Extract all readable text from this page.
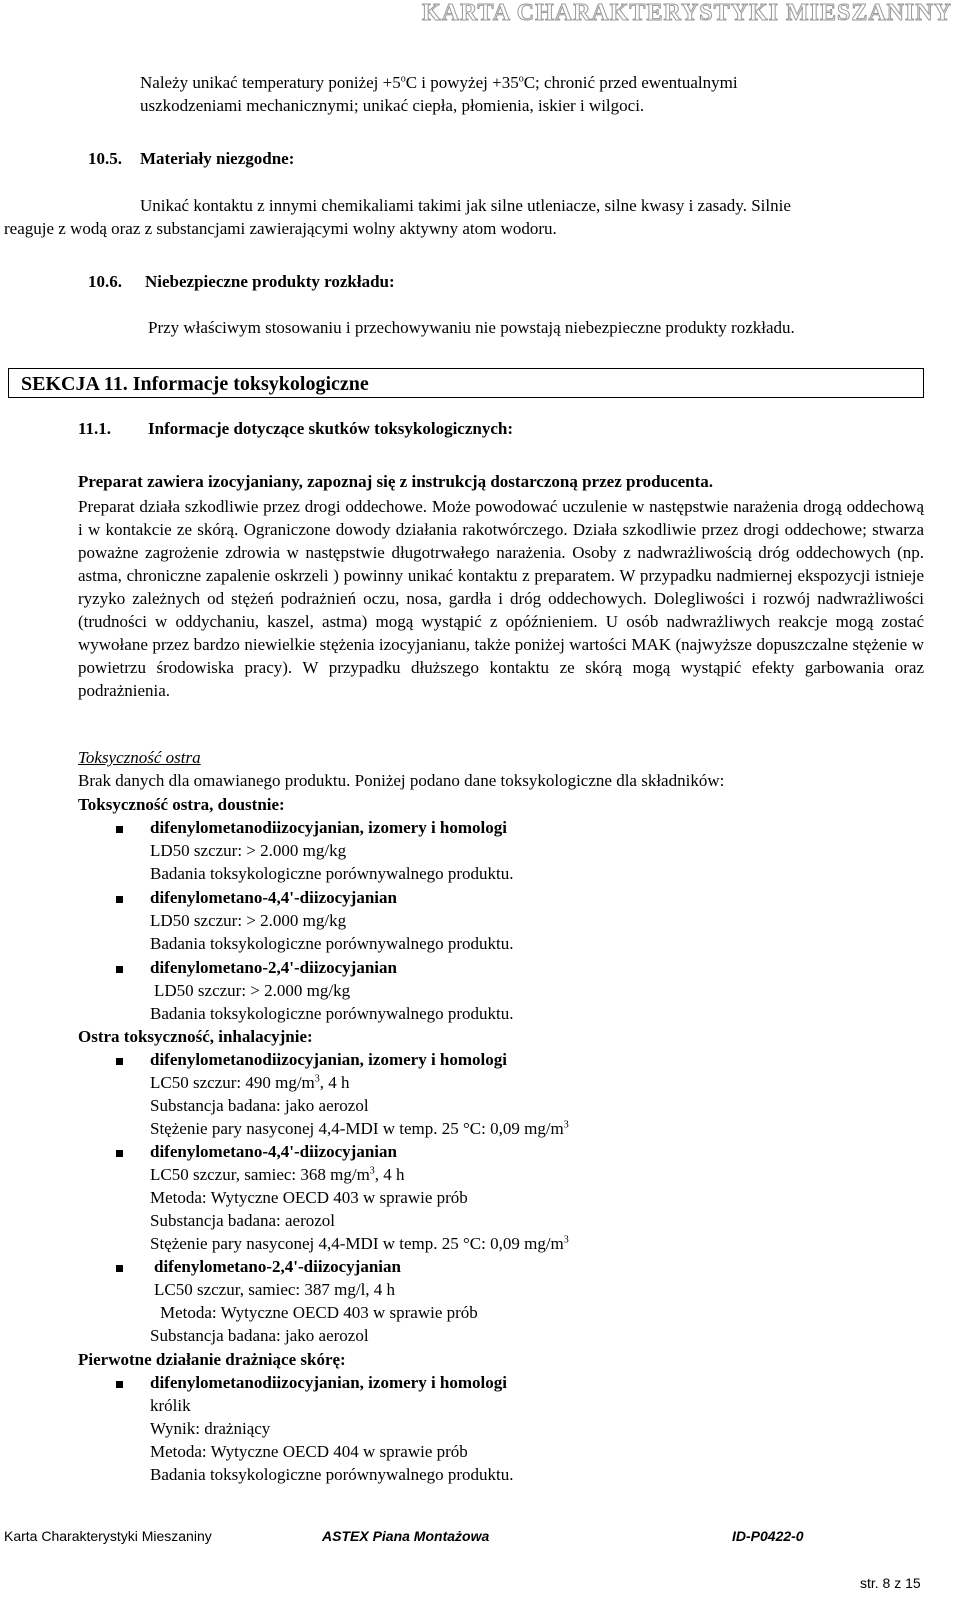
KARTA CHARAKTERYSTYKI MIESZANINY
Należy unikać temperatury poniżej $+5^oC$ i powyżej $+35^oC$; chronić przed ewentualnymi
uszkodzeniami mechanicznymi; unikać ciepła, płomienia, iskier i wilgoci.
10.5. Materiały niezgodne:
Unikać kontaktu z innymi chemikaliami takimi jak silne utleniacze, silne kwasy i zasady. Silnie
reaguje z wodą oraz z substancjami zawierającymi wolny aktywny atom wodoru.
10.6. Niebezpieczne produkty rozkładu:
Przy właściwym stosowaniu i przechowywaniu nie powstają niebezpieczne produkty rozkładu.
SEKCJA 11. Informacje toksykologiczne
11.1. Informacje dotyczące skutków toksykologicznych:
Preparat zawiera izocyjaniany, zapoznaj się z instrukcją dostarczoną przez producenta.

Preparat działa szkodliwie przez drogi oddechowe. Może powodować uczulenie w następstwie narażenia drogą oddechową i w kontakcie ze skórą. Ograniczone dowody działania rakotwórczego. Działa szkodliwie przez drogi oddechowe; stwarza poważne zagrożenie zdrowia w następstwie długotrwałego narażenia. Osoby z nadwrażliwością dróg oddechowych (np. astma, chroniczne zapalenie oskrzeli ) powinny unikać kontaktu z preparatem. W przypadku nadmiernej ekspozycji istnieje ryzyko zależnych od stężeń podrażnień oczu, nosa, gardła i dróg oddechowych. Dolegliwości i rozwój nadwrażliwości (trudności w oddychaniu, kaszel, astma) mogą wystąpić z opóźnieniem. U osób nadwrażliwych reakcje mogą zostać wywołane przez bardzo niewielkie stężenia izocyjanianu, także poniżej wartości MAK (najwyższe dopuszczalne stężenie w powietrzu środowiska pracy). W przypadku dłuższego kontaktu ze skórą mogą wystąpić efekty garbowania oraz podrażnienia.

Toksyczność ostra
Brak danych dla omawianego produktu. Poniżej podano dane toksykologiczne dla składników:
Toksyczność ostra, doustnie:
difenylometanodiizocyjanian, izomery i homologi
LD50 szczur: > 2.000 mg/kg
Badania toksykologiczne porównywalnego produktu.
difenylometano-4,4'-diizocyjanian
LD50 szczur: > 2.000 mg/kg
Badania toksykologiczne porównywalnego produktu.
difenylometano-2,4'-diizocyjanian
LD50 szczur: > 2.000 mg/kg
Badania toksykologiczne porównywalnego produktu.
Ostra toksyczność, inhalacyjnie:
difenylometanodiizocyjanian, izomery i homologi
LC50 szczur: 490 $mg/m^3$, 4 h
Substancja badana: jako aerozol
Stężenie pary nasyconej 4,4-MDI w temp. 25 °C: 0,09 $mg/m^3$
difenylometano-4,4'-diizocyjanian
LC50 szczur, samiec: 368 $mg/m^3$, 4 h
Metoda: Wytyczne OECD 403 w sprawie prób
Substancja badana: aerozol
Stężenie pary nasyconej 4,4-MDI w temp. 25 °C: 0,09 $mg/m^3$
difenylometano-2,4'-diizocyjanian
LC50 szczur, samiec: 387 mg/l, 4 h
Metoda: Wytyczne OECD 403 w sprawie prób
Substancja badana: jako aerozol
Pierwotne działanie drażniące skórę:
difenylometanodiizocyjanian, izomery i homologi
królik
Wynik: drażniący
Metoda: Wytyczne OECD 404 w sprawie prób
Badania toksykologiczne porównywalnego produktu.
Karta Charakterystyki Mieszaniny	ASTEX Piana Montażowa	ID-P0422-0
str. 8 z 15
